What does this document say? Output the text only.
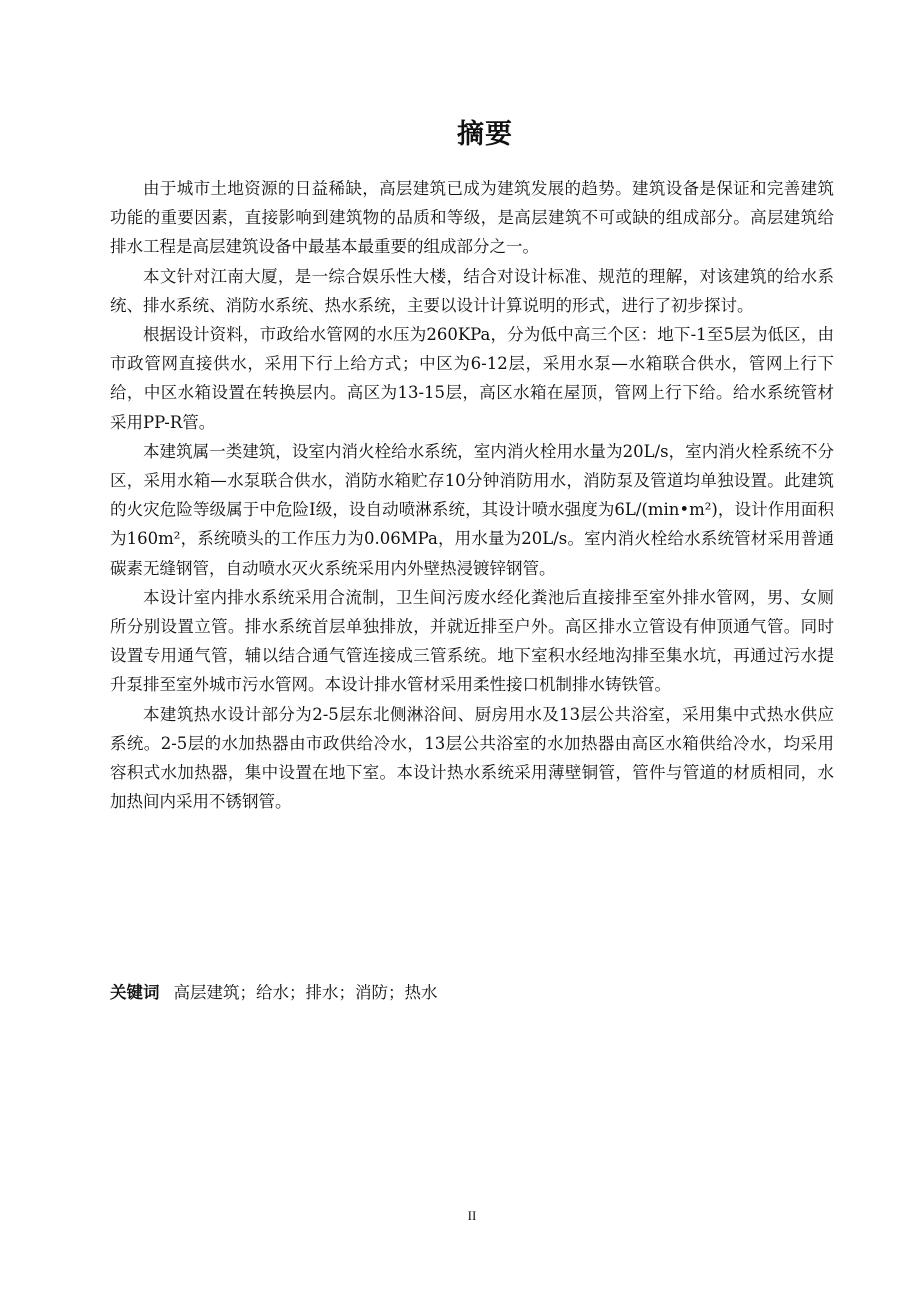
摘要

由于城市土地资源的日益稀缺，高层建筑已成为建筑发展的趋势。建筑设备是保证和完善建筑功能的重要因素，直接影响到建筑物的品质和等级，是高层建筑不可或缺的组成部分。高层建筑给排水工程是高层建筑设备中最基本最重要的组成部分之一。

本文针对江南大厦，是一综合娱乐性大楼，结合对设计标准、规范的理解，对该建筑的给水系统、排水系统、消防水系统、热水系统，主要以设计计算说明的形式，进行了初步探讨。

根据设计资料，市政给水管网的水压为260KPa，分为低中高三个区：地下-1至5层为低区，由市政管网直接供水，采用下行上给方式；中区为6-12层，采用水泵—水箱联合供水，管网上行下给，中区水箱设置在转换层内。高区为13-15层，高区水箱在屋顶，管网上行下给。给水系统管材采用PP-R管。

本建筑属一类建筑，设室内消火栓给水系统，室内消火栓用水量为20L/s，室内消火栓系统不分区，采用水箱—水泵联合供水，消防水箱贮存10分钟消防用水，消防泵及管道均单独设置。此建筑的火灾危险等级属于中危险Ⅰ级，设自动喷淋系统，其设计喷水强度为6L/(min•m²)，设计作用面积为160m²，系统喷头的工作压力为0.06MPa，用水量为20L/s。室内消火栓给水系统管材采用普通碳素无缝钢管，自动喷水灭火系统采用内外壁热浸镀锌钢管。

本设计室内排水系统采用合流制，卫生间污废水经化粪池后直接排至室外排水管网，男、女厕所分别设置立管。排水系统首层单独排放，并就近排至户外。高区排水立管设有伸顶通气管。同时设置专用通气管，辅以结合通气管连接成三管系统。地下室积水经地沟排至集水坑，再通过污水提升泵排至室外城市污水管网。本设计排水管材采用柔性接口机制排水铸铁管。

本建筑热水设计部分为2-5层东北侧淋浴间、厨房用水及13层公共浴室，采用集中式热水供应系统。2-5层的水加热器由市政供给冷水，13层公共浴室的水加热器由高区水箱供给冷水，均采用容积式水加热器，集中设置在地下室。本设计热水系统采用薄壁铜管，管件与管道的材质相同，水加热间内采用不锈钢管。

关键词 高层建筑；给水；排水；消防；热水
II
